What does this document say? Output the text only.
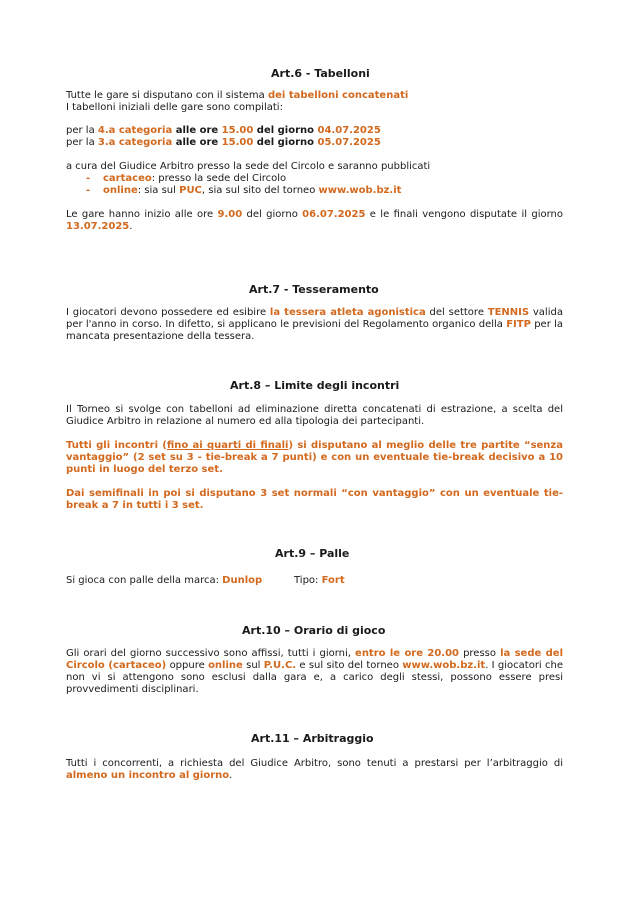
Art.6 - Tabelloni
Tutte le gare si disputano con il sistema dei tabelloni concatenati
I tabelloni iniziali delle gare sono compilati:
per la 4.a categoria alle ore 15.00 del giorno 04.07.2025
per la 3.a categoria alle ore 15.00 del giorno 05.07.2025
a cura del Giudice Arbitro presso la sede del Circolo e saranno pubblicati
- cartaceo: presso la sede del Circolo
- online: sia sul PUC, sia sul sito del torneo www.wob.bz.it
Le gare hanno inizio alle ore 9.00 del giorno 06.07.2025 e le finali vengono disputate il giorno
13.07.2025.
Art.7 - Tesseramento
I giocatori devono possedere ed esibire la tessera atleta agonistica del settore TENNIS valida
per l'anno in corso. In difetto, si applicano le previsioni del Regolamento organico della FITP per la
mancata presentazione della tessera.
Art.8 – Limite degli incontri
Il Torneo si svolge con tabelloni ad eliminazione diretta concatenati di estrazione, a scelta del
Giudice Arbitro in relazione al numero ed alla tipologia dei partecipanti.
Tutti gli incontri (fino ai quarti di finali) si disputano al meglio delle tre partite “senza
vantaggio” (2 set su 3 - tie-break a 7 punti) e con un eventuale tie-break decisivo a 10
punti in luogo del terzo set.
Dai semifinali in poi si disputano 3 set normali “con vantaggio” con un eventuale tie-
break a 7 in tutti i 3 set.
Art.9 – Palle
Si gioca con palle della marca: Dunlop	Tipo: Fort
Art.10 – Orario di gioco
Gli orari del giorno successivo sono affissi, tutti i giorni, entro le ore 20.00 presso la sede del
Circolo (cartaceo) oppure online sul P.U.C. e sul sito del torneo www.wob.bz.it. I giocatori che
non vi si attengono sono esclusi dalla gara e, a carico degli stessi, possono essere presi
provvedimenti disciplinari.
Art.11 – Arbitraggio
Tutti i concorrenti, a richiesta del Giudice Arbitro, sono tenuti a prestarsi per l’arbitraggio di
almeno un incontro al giorno.
